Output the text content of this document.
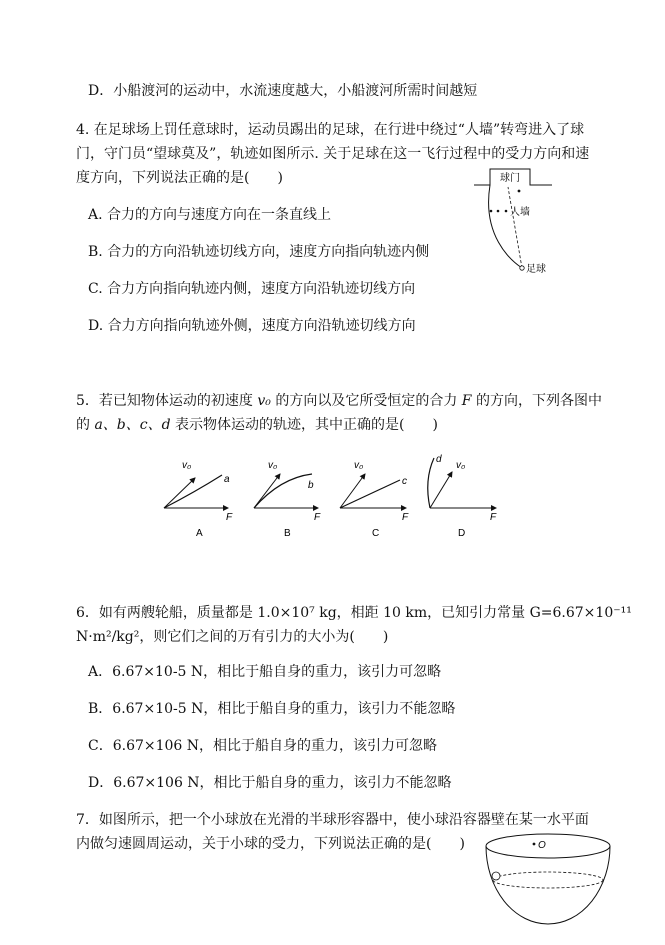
D．小船渡河的运动中，水流速度越大，小船渡河所需时间越短
4. 在足球场上罚任意球时，运动员踢出的足球，在行进中绕过“人墙”转弯进入了球
门，守门员“望球莫及”，轨迹如图所示. 关于足球在这一飞行过程中的受力方向和速
度方向，下列说法正确的是(　　)
A. 合力的方向与速度方向在一条直线上
B. 合力的方向沿轨迹切线方向，速度方向指向轨迹内侧
C. 合力方向指向轨迹内侧，速度方向沿轨迹切线方向
D. 合力方向指向轨迹外侧，速度方向沿轨迹切线方向
球门
人墙
足球
5．若已知物体运动的初速度 v₀ 的方向以及它所受恒定的合力 F 的方向，下列各图中
的 a、b、c、d 表示物体运动的轨迹，其中正确的是(　　)
v₀
a
F
A
v₀
b
F
B
v₀
c
F
C
v₀
d
F
D
6．如有两艘轮船，质量都是 1.0×10⁷ kg，相距 10 km，已知引力常量 G=6.67×10⁻¹¹
N·m²/kg²，则它们之间的万有引力的大小为(　　)
A．6.67×10-5 N，相比于船自身的重力，该引力可忽略
B．6.67×10-5 N，相比于船自身的重力，该引力不能忽略
C．6.67×106 N，相比于船自身的重力，该引力可忽略
D．6.67×106 N，相比于船自身的重力，该引力不能忽略
7．如图所示，把一个小球放在光滑的半球形容器中，使小球沿容器壁在某一水平面
内做匀速圆周运动，关于小球的受力，下列说法正确的是(　　)	O
